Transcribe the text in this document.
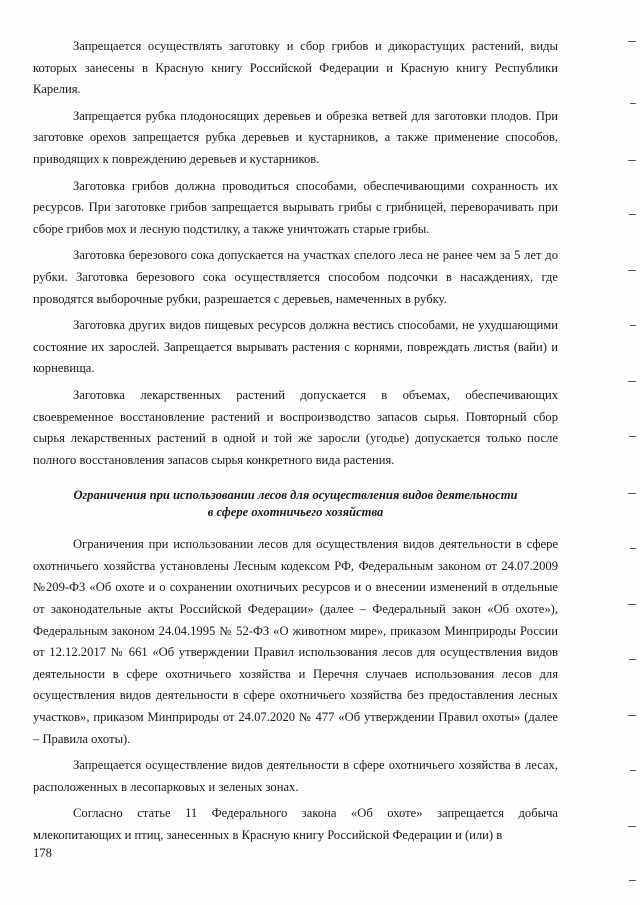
Запрещается осуществлять заготовку и сбор грибов и дикорастущих растений, виды которых занесены в Красную книгу Российской Федерации и Красную книгу Республики Карелия.

Запрещается рубка плодоносящих деревьев и обрезка ветвей для заготовки плодов. При заготовке орехов запрещается рубка деревьев и кустарников, а также применение способов, приводящих к повреждению деревьев и кустарников.

Заготовка грибов должна проводиться способами, обеспечивающими сохранность их ресурсов. При заготовке грибов запрещается вырывать грибы с грибницей, переворачивать при сборе грибов мох и лесную подстилку, а также уничтожать старые грибы.

Заготовка березового сока допускается на участках спелого леса не ранее чем за 5 лет до рубки. Заготовка березового сока осуществляется способом подсочки в насаждениях, где проводятся выборочные рубки, разрешается с деревьев, намеченных в рубку.

Заготовка других видов пищевых ресурсов должна вестись способами, не ухудшающими состояние их зарослей. Запрещается вырывать растения с корнями, повреждать листья (вайи) и корневища.

Заготовка лекарственных растений допускается в объемах, обеспечивающих своевременное восстановление растений и воспроизводство запасов сырья. Повторный сбор сырья лекарственных растений в одной и той же заросли (угодье) допускается только после полного восстановления запасов сырья конкретного вида растения.

Ограничения при использовании лесов для осуществления видов деятельности
в сфере охотничьего хозяйства

Ограничения при использовании лесов для осуществления видов деятельности в сфере охотничьего хозяйства установлены Лесным кодексом РФ, Федеральным законом от 24.07.2009 №209-ФЗ «Об охоте и о сохранении охотничьих ресурсов и о внесении изменений в отдельные от законодательные акты Российской Федерации» (далее – Федеральный закон «Об охоте»), Федеральным законом 24.04.1995 № 52-ФЗ «О животном мире», приказом Минприроды России от 12.12.2017 № 661 «Об утверждении Правил использования лесов для осуществления видов деятельности в сфере охотничьего хозяйства и Перечня случаев использования лесов для осуществления видов деятельности в сфере охотничьего хозяйства без предоставления лесных участков», приказом Минприроды от 24.07.2020 № 477 «Об утверждении Правил охоты» (далее – Правила охоты).

Запрещается осуществление видов деятельности в сфере охотничьего хозяйства в лесах, расположенных в лесопарковых и зеленых зонах.

Согласно статье 11 Федерального закона «Об охоте» запрещается добыча млекопитающих и птиц, занесенных в Красную книгу Российской Федерации и (или) в

178
